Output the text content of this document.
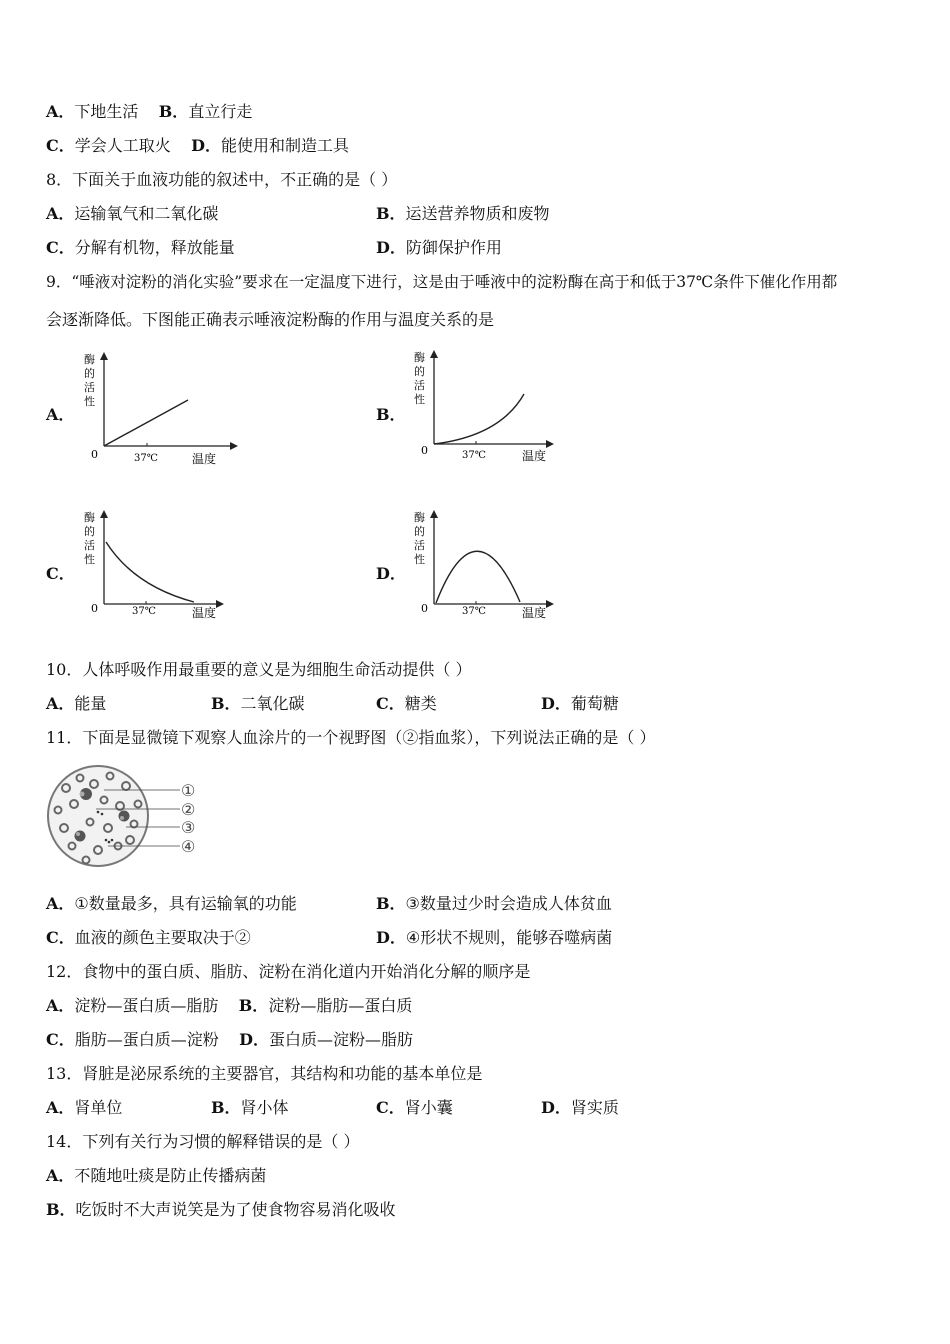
A．下地生活 B．直立行走
C．学会人工取火 D．能使用和制造工具
8．下面关于血液功能的叙述中，不正确的是（ ）
A．运输氧气和二氧化碳	B．运送营养物质和废物
C．分解有机物，释放能量	D．防御保护作用
9．“唾液对淀粉的消化实验”要求在一定温度下进行，这是由于唾液中的淀粉酶在高于和低于37℃条件下催化作用都
会逐渐降低。下图能正确表示唾液淀粉酶的作用与温度关系的是
A．	B．
C．	D．
酶
的
活
性
0	37℃	温度
酶
的
活
性
0	37℃	温度
酶
的
活
性
0	37℃	温度
酶
的
活
性
0	37℃	温度
10．人体呼吸作用最重要的意义是为细胞生命活动提供（ ）
A．能量	B．二氧化碳	C．糖类	D．葡萄糖
11．下面是显微镜下观察人血涂片的一个视野图（②指血浆），下列说法正确的是（ ）
①
②
③
④
A．①数量最多，具有运输氧的功能	B．③数量过少时会造成人体贫血
C．血液的颜色主要取决于②	D．④形状不规则，能够吞噬病菌
12．食物中的蛋白质、脂肪、淀粉在消化道内开始消化分解的顺序是
A．淀粉—蛋白质—脂肪 B．淀粉—脂肪—蛋白质
C．脂肪—蛋白质—淀粉 D．蛋白质—淀粉—脂肪
13．肾脏是泌尿系统的主要器官，其结构和功能的基本单位是
A．肾单位	B．肾小体	C．肾小囊	D．肾实质
14．下列有关行为习惯的解释错误的是（ ）
A．不随地吐痰是防止传播病菌
B．吃饭时不大声说笑是为了使食物容易消化吸收
